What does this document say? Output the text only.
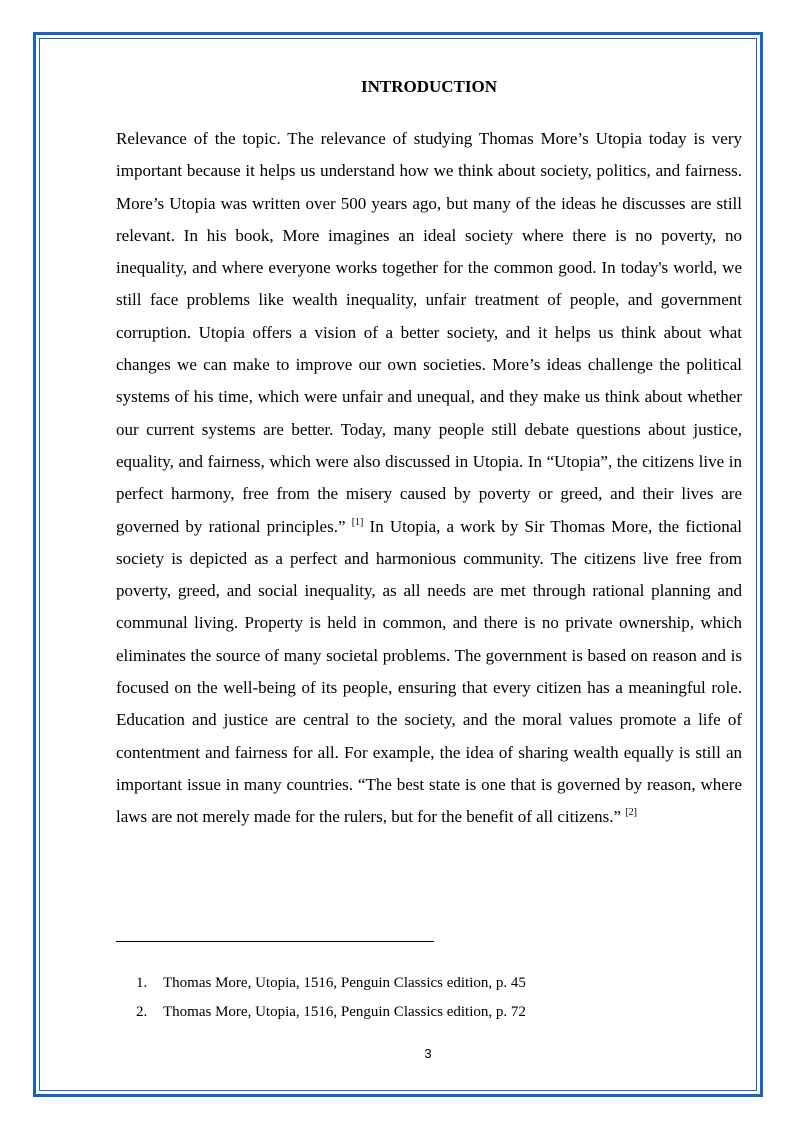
INTRODUCTION

Relevance of the topic. The relevance of studying Thomas More’s Utopia today is very important because it helps us understand how we think about society, politics, and fairness. More’s Utopia was written over 500 years ago, but many of the ideas he discusses are still relevant. In his book, More imagines an ideal society where there is no poverty, no inequality, and where everyone works together for the common good. In today's world, we still face problems like wealth inequality, unfair treatment of people, and government corruption. Utopia offers a vision of a better society, and it helps us think about what changes we can make to improve our own societies. More’s ideas challenge the political systems of his time, which were unfair and unequal, and they make us think about whether our current systems are better. Today, many people still debate questions about justice, equality, and fairness, which were also discussed in Utopia. In “Utopia”, the citizens live in perfect harmony, free from the misery caused by poverty or greed, and their lives are governed by rational principles.” [1] In Utopia, a work by Sir Thomas More, the fictional society is depicted as a perfect and harmonious community. The citizens live free from poverty, greed, and social inequality, as all needs are met through rational planning and communal living. Property is held in common, and there is no private ownership, which eliminates the source of many societal problems. The government is based on reason and is focused on the well-being of its people, ensuring that every citizen has a meaningful role. Education and justice are central to the society, and the moral values promote a life of contentment and fairness for all. For example, the idea of sharing wealth equally is still an important issue in many countries. “The best state is one that is governed by reason, where laws are not merely made for the rulers, but for the benefit of all citizens.” [2]

1.	Thomas More, Utopia, 1516, Penguin Classics edition, p. 45
2.	Thomas More, Utopia, 1516, Penguin Classics edition, p. 72
3
